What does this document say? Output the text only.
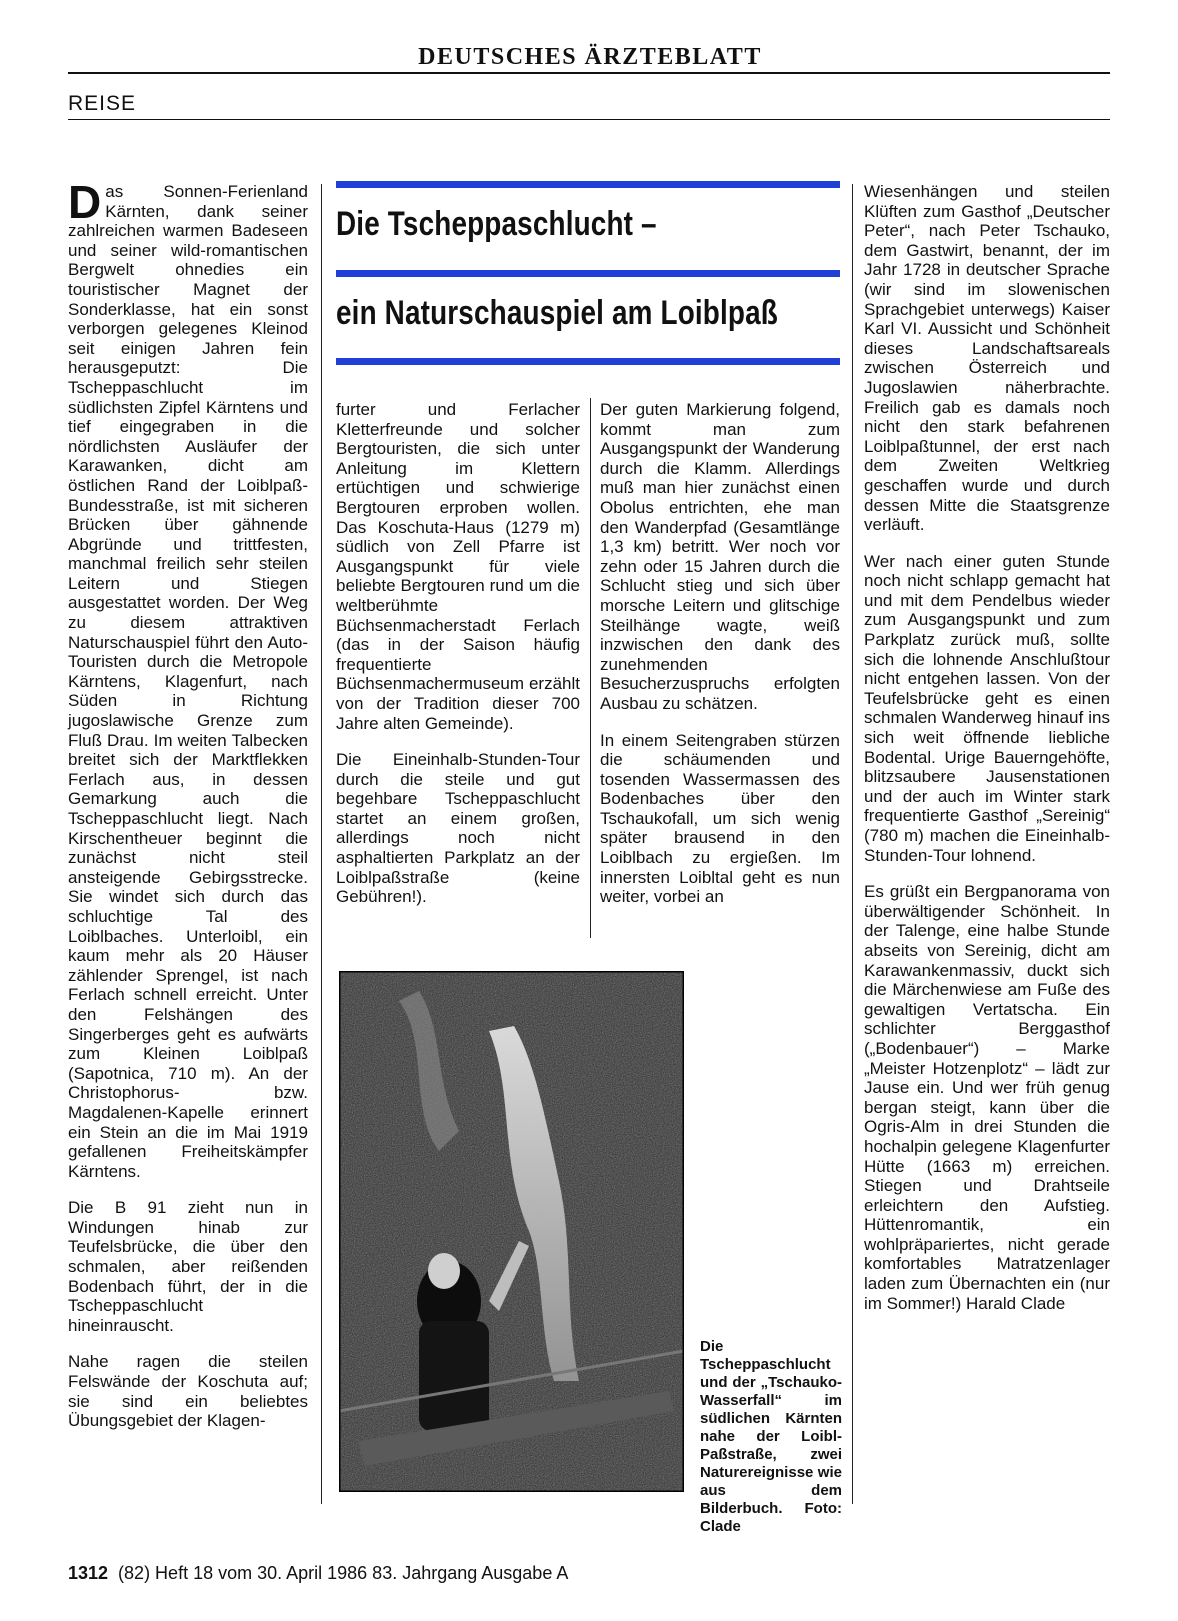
DEUTSCHES ÄRZTEBLATT
REISE

Das Sonnen-Ferienland Kärnten, dank seiner zahlreichen warmen Badeseen und seiner wild-romantischen Bergwelt ohnedies ein touristischer Magnet der Sonderklasse, hat ein sonst verborgen gelegenes Kleinod seit einigen Jahren fein herausgeputzt: Die Tscheppaschlucht im südlichsten Zipfel Kärntens und tief eingegraben in die nördlichsten Ausläufer der Karawanken, dicht am östlichen Rand der Loiblpaß-Bundesstraße, ist mit sicheren Brücken über gähnende Abgründe und trittfesten, manchmal freilich sehr steilen Leitern und Stiegen ausgestattet worden. Der Weg zu diesem attraktiven Naturschauspiel führt den Auto-Touristen durch die Metropole Kärntens, Klagenfurt, nach Süden in Richtung jugoslawische Grenze zum Fluß Drau. Im weiten Talbecken breitet sich der Marktflekken Ferlach aus, in dessen Gemarkung auch die Tscheppaschlucht liegt. Nach Kirschentheuer beginnt die zunächst nicht steil ansteigende Gebirgsstrecke. Sie windet sich durch das schluchtige Tal des Loiblbaches. Unterloibl, ein kaum mehr als 20 Häuser zählender Sprengel, ist nach Ferlach schnell erreicht. Unter den Felshängen des Singerberges geht es aufwärts zum Kleinen Loiblpaß (Sapotnica, 710 m). An der Christophorus- bzw. Magdalenen-Kapelle erinnert ein Stein an die im Mai 1919 gefallenen Freiheitskämpfer Kärntens.

Die B 91 zieht nun in Windungen hinab zur Teufelsbrücke, die über den schmalen, aber reißenden Bodenbach führt, der in die Tscheppaschlucht hineinrauscht.

Nahe ragen die steilen Felswände der Koschuta auf; sie sind ein beliebtes Übungsgebiet der Klagen-

Die Tscheppaschlucht –
ein Naturschauspiel am Loiblpaß

furter und Ferlacher Kletterfreunde und solcher Bergtouristen, die sich unter Anleitung im Klettern ertüchtigen und schwierige Bergtouren erproben wollen. Das Koschuta-Haus (1279 m) südlich von Zell Pfarre ist Ausgangspunkt für viele beliebte Bergtouren rund um die weltberühmte Büchsenmacherstadt Ferlach (das in der Saison häufig frequentierte Büchsenmachermuseum erzählt von der Tradition dieser 700 Jahre alten Gemeinde).

Die Eineinhalb-Stunden-Tour durch die steile und gut begehbare Tscheppaschlucht startet an einem großen, allerdings noch nicht asphaltierten Parkplatz an der Loiblpaßstraße (keine Gebühren!).

Der guten Markierung folgend, kommt man zum Ausgangspunkt der Wanderung durch die Klamm. Allerdings muß man hier zunächst einen Obolus entrichten, ehe man den Wanderpfad (Gesamtlänge 1,3 km) betritt. Wer noch vor zehn oder 15 Jahren durch die Schlucht stieg und sich über morsche Leitern und glitschige Steilhänge wagte, weiß inzwischen den dank des zunehmenden Besucherzuspruchs erfolgten Ausbau zu schätzen.

In einem Seitengraben stürzen die schäumenden und tosenden Wassermassen des Bodenbaches über den Tschaukofall, um sich wenig später brausend in den Loiblbach zu ergießen. Im innersten Loibltal geht es nun weiter, vorbei an

Wiesenhängen und steilen Klüften zum Gasthof „Deutscher Peter“, nach Peter Tschauko, dem Gastwirt, benannt, der im Jahr 1728 in deutscher Sprache (wir sind im slowenischen Sprachgebiet unterwegs) Kaiser Karl VI. Aussicht und Schönheit dieses Landschaftsareals zwischen Österreich und Jugoslawien näherbrachte. Freilich gab es damals noch nicht den stark befahrenen Loiblpaßtunnel, der erst nach dem Zweiten Weltkrieg geschaffen wurde und durch dessen Mitte die Staatsgrenze verläuft.

Wer nach einer guten Stunde noch nicht schlapp gemacht hat und mit dem Pendelbus wieder zum Ausgangspunkt und zum Parkplatz zurück muß, sollte sich die lohnende Anschlußtour nicht entgehen lassen. Von der Teufelsbrücke geht es einen schmalen Wanderweg hinauf ins sich weit öffnende liebliche Bodental. Urige Bauerngehöfte, blitzsaubere Jausenstationen und der auch im Winter stark frequentierte Gasthof „Sereinig“ (780 m) machen die Eineinhalb-Stunden-Tour lohnend.

Es grüßt ein Bergpanorama von überwältigender Schönheit. In der Talenge, eine halbe Stunde abseits von Sereinig, dicht am Karawankenmassiv, duckt sich die Märchenwiese am Fuße des gewaltigen Vertatscha. Ein schlichter Berggasthof („Bodenbauer“) – Marke „Meister Hotzenplotz“ – lädt zur Jause ein. Und wer früh genug bergan steigt, kann über die Ogris-Alm in drei Stunden die hochalpin gelegene Klagenfurter Hütte (1663 m) erreichen. Stiegen und Drahtseile erleichtern den Aufstieg. Hüttenromantik, ein wohlpräpariertes, nicht gerade komfortables Matratzenlager laden zum Übernachten ein (nur im Sommer!) Harald Clade

Die Tscheppaschlucht und der „Tschauko-Wasserfall“ im südlichen Kärnten nahe der Loibl-Paßstraße, zwei Naturereignisse wie aus dem Bilderbuch. Foto: Clade
1312 (82) Heft 18 vom 30. April 1986 83. Jahrgang Ausgabe A
